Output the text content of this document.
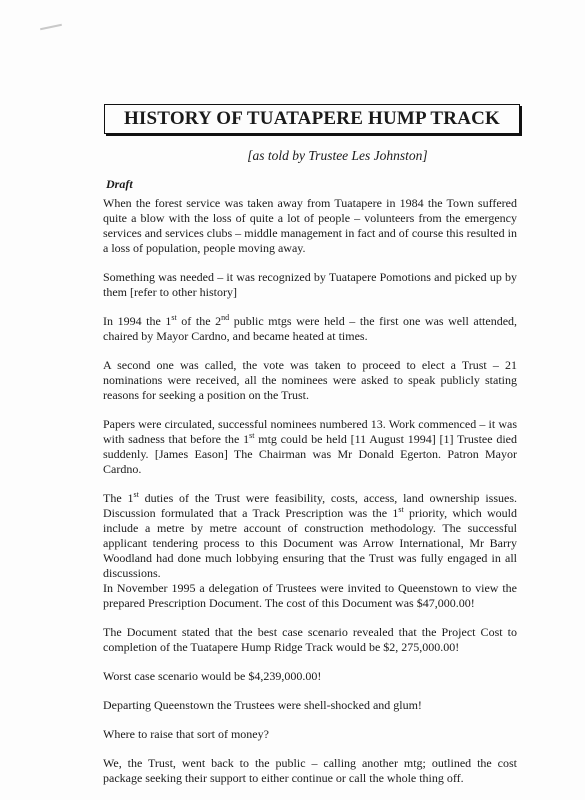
HISTORY OF TUATAPERE HUMP TRACK
[as told by Trustee Les Johnston]
Draft

When the forest service was taken away from Tuatapere in 1984 the Town suffered quite a blow with the loss of quite a lot of people – volunteers from the emergency services and services clubs – middle management in fact and of course this resulted in a loss of population, people moving away.

Something was needed – it was recognized by Tuatapere Pomotions and picked up by them [refer to other history]

In 1994 the 1st of the 2nd public mtgs were held – the first one was well attended, chaired by Mayor Cardno, and became heated at times.

A second one was called, the vote was taken to proceed to elect a Trust – 21 nominations were received, all the nominees were asked to speak publicly stating reasons for seeking a position on the Trust.

Papers were circulated, successful nominees numbered 13. Work commenced – it was with sadness that before the 1st mtg could be held [11 August 1994] [1] Trustee died suddenly. [James Eason] The Chairman was Mr Donald Egerton. Patron Mayor Cardno.

The 1st duties of the Trust were feasibility, costs, access, land ownership issues. Discussion formulated that a Track Prescription was the 1st priority, which would include a metre by metre account of construction methodology. The successful applicant tendering process to this Document was Arrow International, Mr Barry Woodland had done much lobbying ensuring that the Trust was fully engaged in all discussions.

In November 1995 a delegation of Trustees were invited to Queenstown to view the prepared Prescription Document. The cost of this Document was $47,000.00!

The Document stated that the best case scenario revealed that the Project Cost to completion of the Tuatapere Hump Ridge Track would be $2, 275,000.00!

Worst case scenario would be $4,239,000.00!

Departing Queenstown the Trustees were shell-shocked and glum!

Where to raise that sort of money?

We, the Trust, went back to the public – calling another mtg; outlined the cost package seeking their support to either continue or call the whole thing off.
